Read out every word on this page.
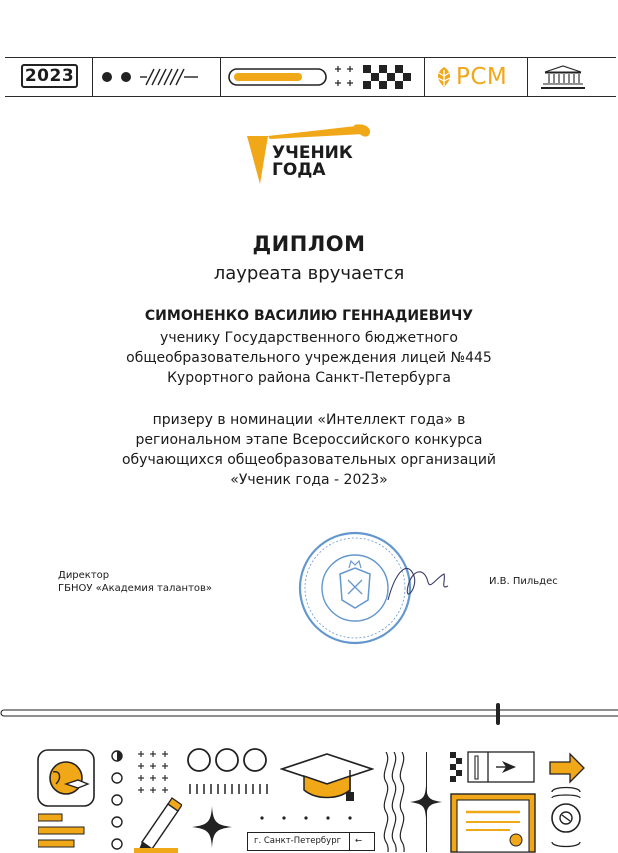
2023	РСМ
УЧЕНИК
ГОДА
ДИПЛОМ
лауреата вручается
СИМОНЕНКО ВАСИЛИЮ ГЕННАДИЕВИЧУ
ученику Государственного бюджетного
общеобразовательного учреждения лицей №445
Курортного района Санкт-Петербурга
призеру в номинации «Интеллект года» в
региональном этапе Всероссийского конкурса
обучающихся общеобразовательных организаций
«Ученик года - 2023»
Директор
ГБНОУ «Академия талантов»
И.В. Пильдес
г. Санкт-Петербург ←
